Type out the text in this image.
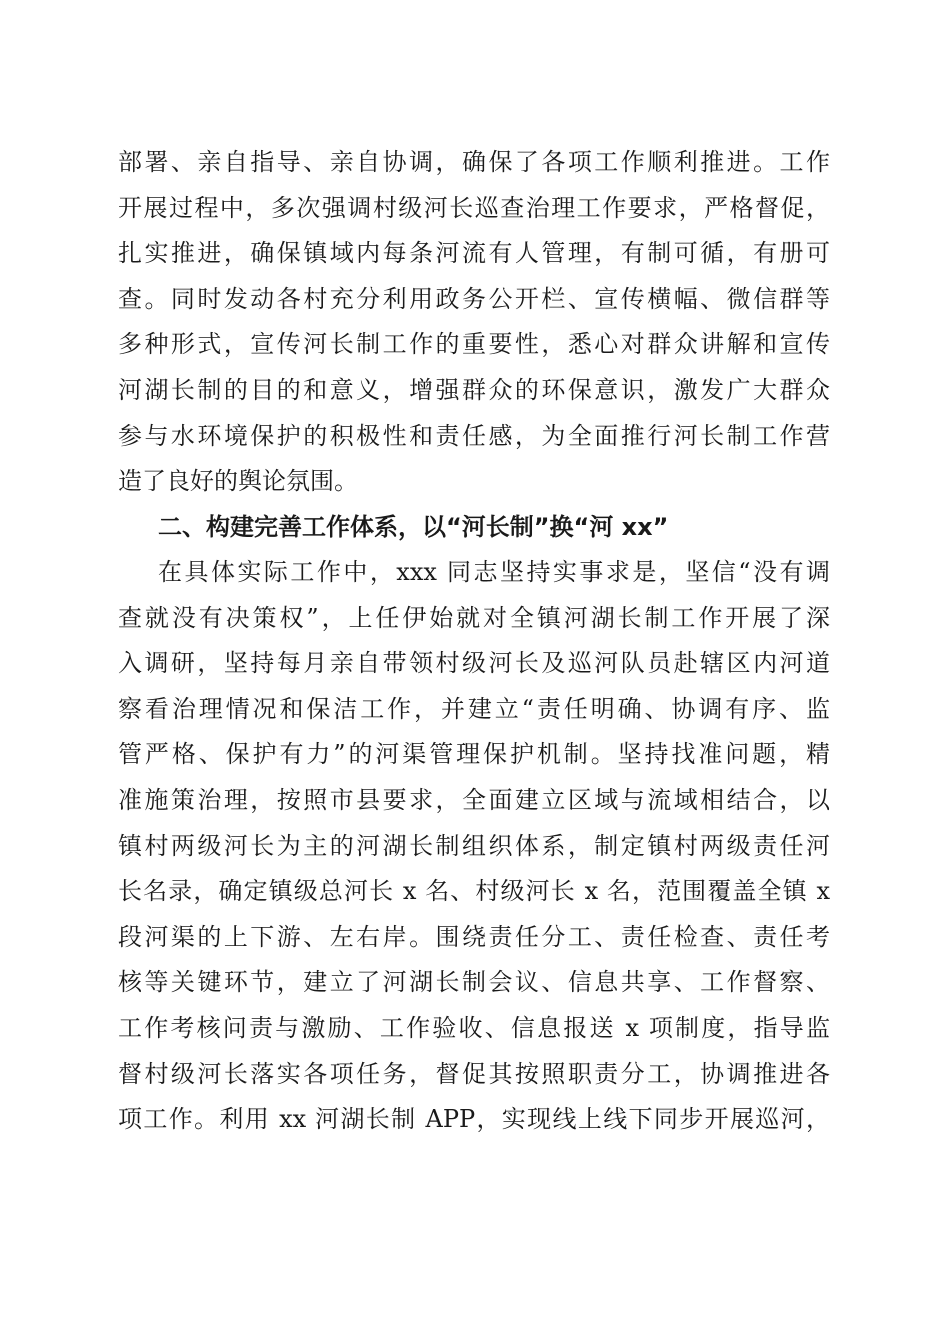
部署、亲自指导、亲自协调，确保了各项工作顺利推进。工作
开展过程中，多次强调村级河长巡查治理工作要求，严格督促，
扎实推进，确保镇域内每条河流有人管理，有制可循，有册可
查。同时发动各村充分利用政务公开栏、宣传横幅、微信群等
多种形式，宣传河长制工作的重要性，悉心对群众讲解和宣传
河湖长制的目的和意义，增强群众的环保意识，激发广大群众
参与水环境保护的积极性和责任感，为全面推行河长制工作营
造了良好的舆论氛围。
二、构建完善工作体系，以“河长制”换“河 xx”
在具体实际工作中，xxx 同志坚持实事求是，坚信“没有调
查就没有决策权”，上任伊始就对全镇河湖长制工作开展了深
入调研，坚持每月亲自带领村级河长及巡河队员赴辖区内河道
察看治理情况和保洁工作，并建立“责任明确、协调有序、监
管严格、保护有力”的河渠管理保护机制。坚持找准问题，精
准施策治理，按照市县要求，全面建立区域与流域相结合，以
镇村两级河长为主的河湖长制组织体系，制定镇村两级责任河
长名录，确定镇级总河长 x 名、村级河长 x 名，范围覆盖全镇 x
段河渠的上下游、左右岸。围绕责任分工、责任检查、责任考
核等关键环节，建立了河湖长制会议、信息共享、工作督察、
工作考核问责与激励、工作验收、信息报送 x 项制度，指导监
督村级河长落实各项任务，督促其按照职责分工，协调推进各
项工作。利用 xx 河湖长制 APP，实现线上线下同步开展巡河，
